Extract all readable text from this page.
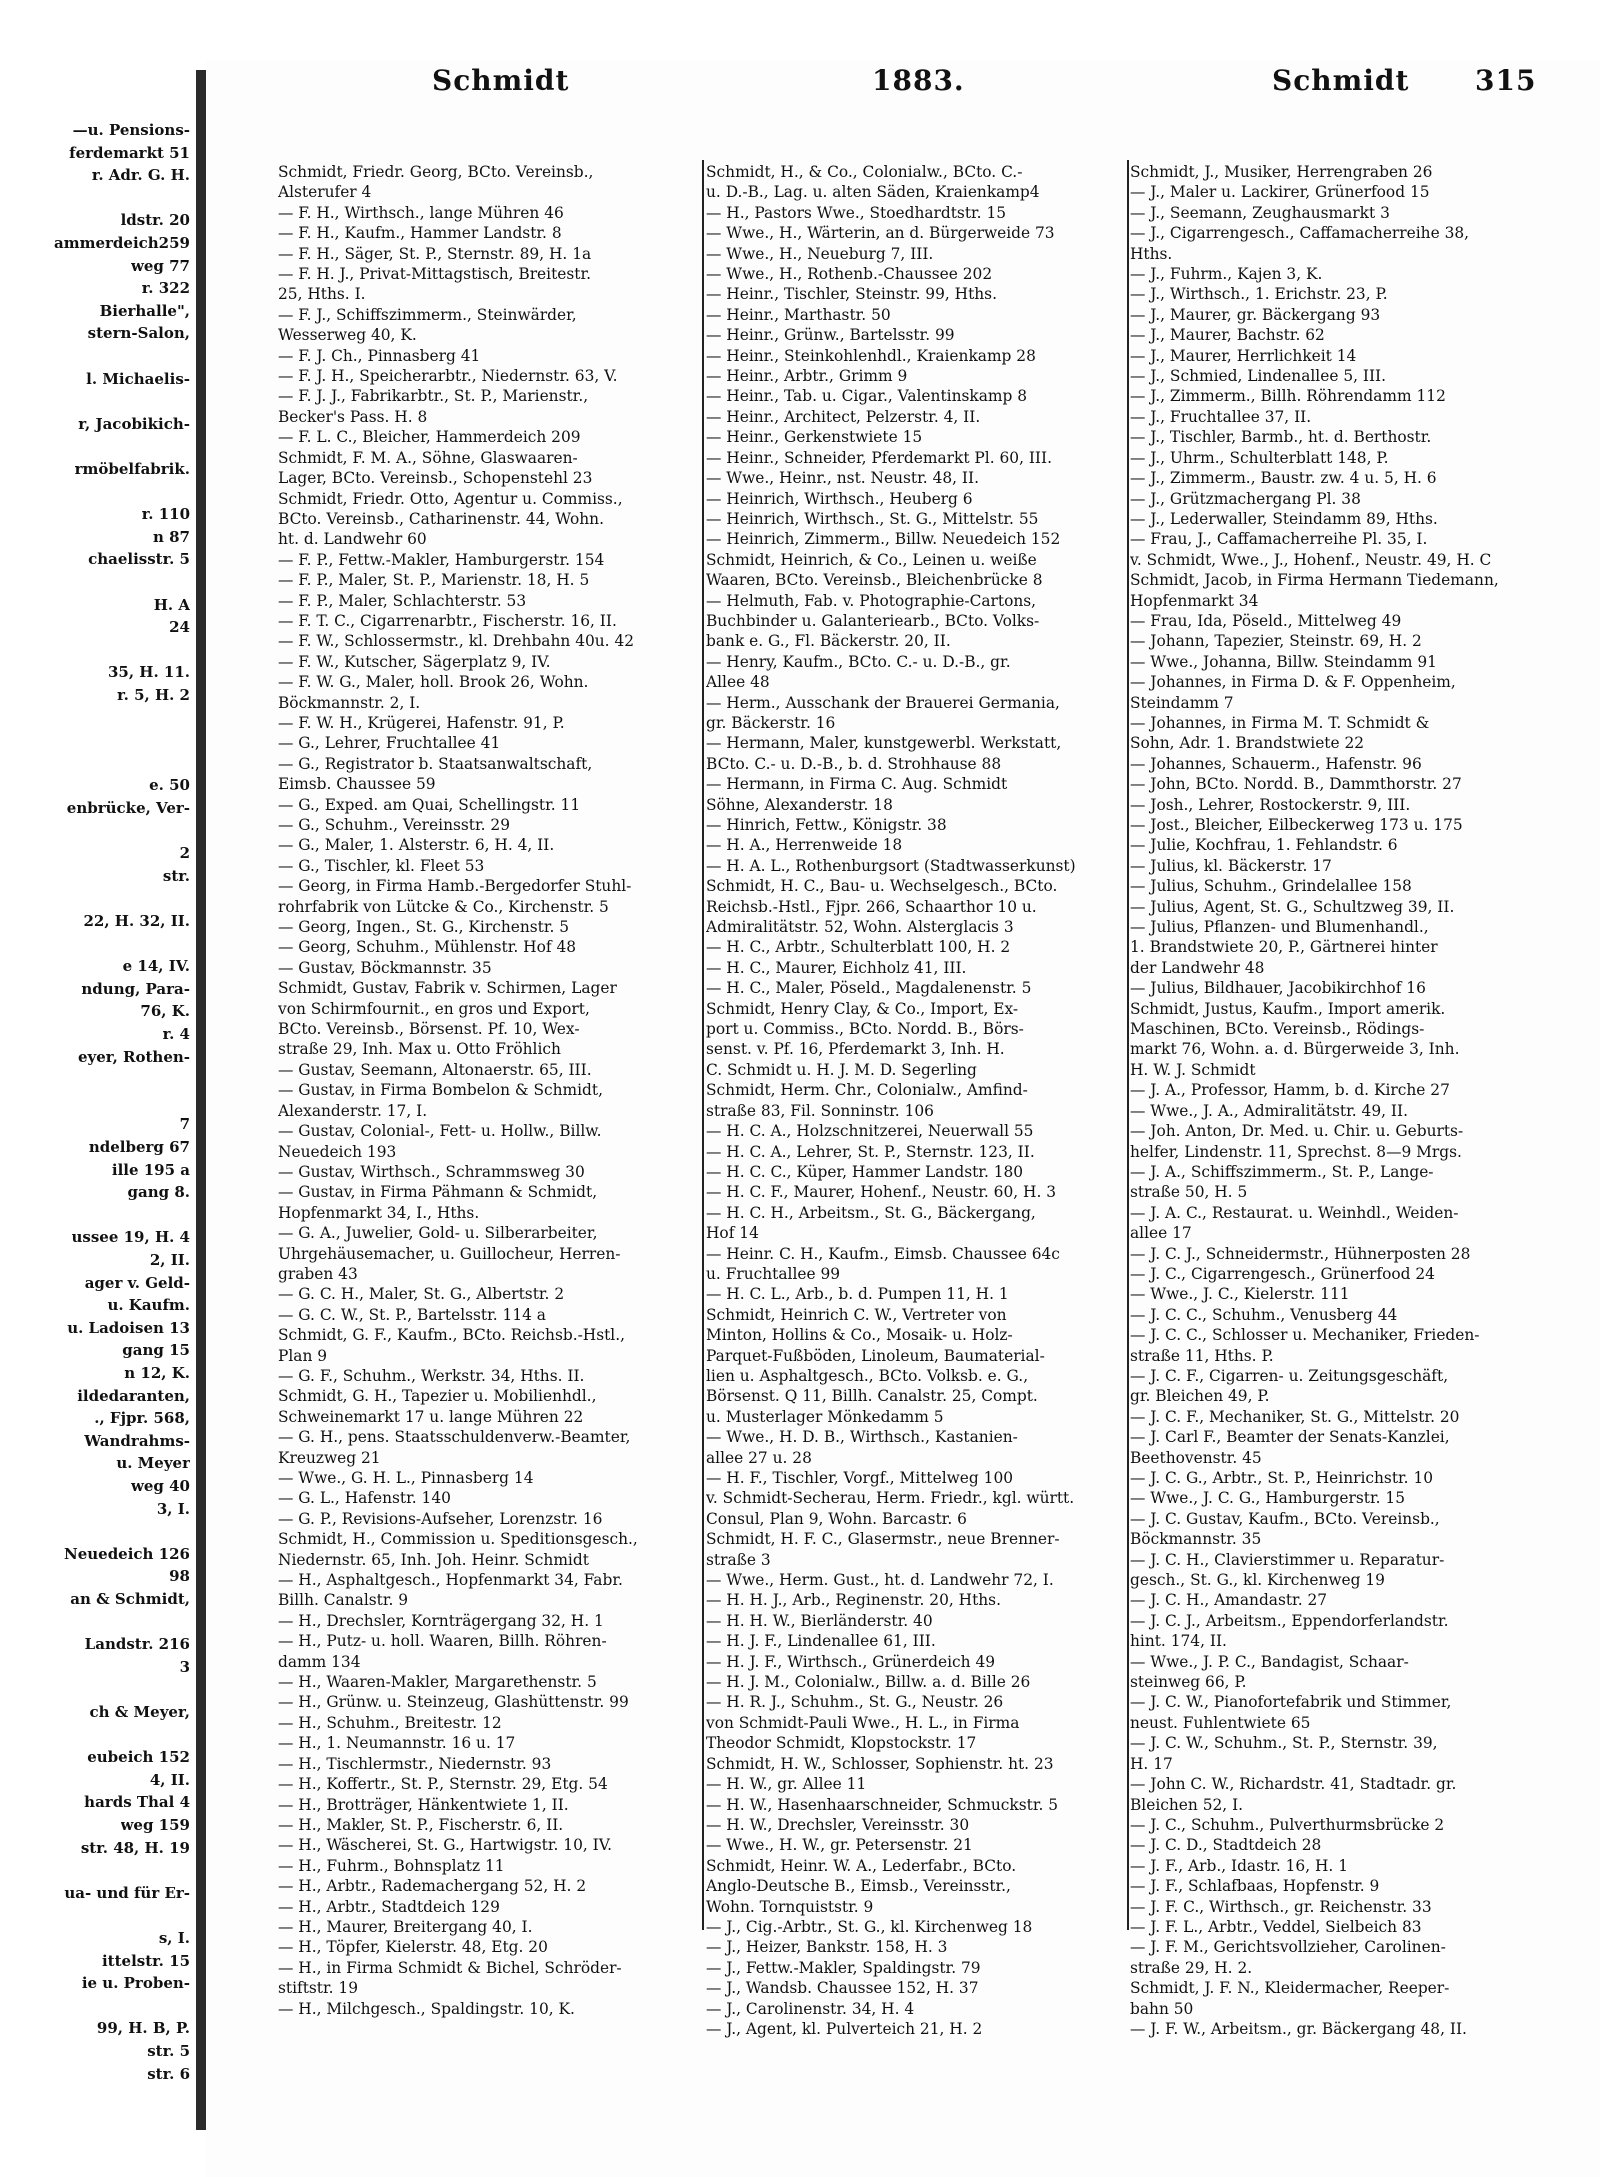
—u. Pensions-
ferdemarkt 51
r. Adr. G. H.
ldstr. 20
ammerdeich259
weg 77
r. 322
Bierhalle",
stern-Salon,
l. Michaelis-
r, Jacobikich-
rmöbelfabrik.
r. 110
n 87
chaelisstr. 5
H. A
24
35, H. 11.
r. 5, H. 2
e. 50
enbrücke, Ver-
2
str.
22, H. 32, II.
e 14, IV.
ndung, Para-
76, K.
r. 4
eyer, Rothen-
7
ndelberg 67
ille 195 a
gang 8.
ussee 19, H. 4
2, II.
ager v. Geld-
u. Kaufm.
u. Ladoisen 13
gang 15
n 12, K.
ildedaranten,
., Fjpr. 568,
Wandrahms-
u. Meyer
weg 40
3, I.
Neuedeich 126
98
an & Schmidt,
Landstr. 216
3
ch & Meyer,
eubeich 152
4, II.
hards Thal 4
weg 159
str. 48, H. 19
ua- und für Er-
s, I.
ittelstr. 15
ie u. Proben-
99, H. B, P.
str. 5
str. 6
Schmidt	1883.	Schmidt 315
Schmidt, Friedr. Georg, BCto. Vereinsb.,
Alsterufer 4
— F. H., Wirthsch., lange Mühren 46
— F. H., Kaufm., Hammer Landstr. 8
— F. H., Säger, St. P., Sternstr. 89, H. 1a
— F. H. J., Privat-Mittagstisch, Breitestr.
25, Hths. I.
— F. J., Schiffszimmerm., Steinwärder,
Wesserweg 40, K.
— F. J. Ch., Pinnasberg 41
— F. J. H., Speicherarbtr., Niedernstr. 63, V.
— F. J. J., Fabrikarbtr., St. P., Marienstr.,
Becker's Pass. H. 8
— F. L. C., Bleicher, Hammerdeich 209
Schmidt, F. M. A., Söhne, Glaswaaren-
Lager, BCto. Vereinsb., Schopenstehl 23
Schmidt, Friedr. Otto, Agentur u. Commiss.,
BCto. Vereinsb., Catharinenstr. 44, Wohn.
ht. d. Landwehr 60
— F. P., Fettw.-Makler, Hamburgerstr. 154
— F. P., Maler, St. P., Marienstr. 18, H. 5
— F. P., Maler, Schlachterstr. 53
— F. T. C., Cigarrenarbtr., Fischerstr. 16, II.
— F. W., Schlossermstr., kl. Drehbahn 40u. 42
— F. W., Kutscher, Sägerplatz 9, IV.
— F. W. G., Maler, holl. Brook 26, Wohn.
Böckmannstr. 2, I.
— F. W. H., Krügerei, Hafenstr. 91, P.
— G., Lehrer, Fruchtallee 41
— G., Registrator b. Staatsanwaltschaft,
Eimsb. Chaussee 59
— G., Exped. am Quai, Schellingstr. 11
— G., Schuhm., Vereinsstr. 29
— G., Maler, 1. Alsterstr. 6, H. 4, II.
— G., Tischler, kl. Fleet 53
— Georg, in Firma Hamb.-Bergedorfer Stuhl-
rohrfabrik von Lütcke & Co., Kirchenstr. 5
— Georg, Ingen., St. G., Kirchenstr. 5
— Georg, Schuhm., Mühlenstr. Hof 48
— Gustav, Böckmannstr. 35
Schmidt, Gustav, Fabrik v. Schirmen, Lager
von Schirmfournit., en gros und Export,
BCto. Vereinsb., Börsenst. Pf. 10, Wex-
straße 29, Inh. Max u. Otto Fröhlich
— Gustav, Seemann, Altonaerstr. 65, III.
— Gustav, in Firma Bombelon & Schmidt,
Alexanderstr. 17, I.
— Gustav, Colonial-, Fett- u. Hollw., Billw.
Neuedeich 193
— Gustav, Wirthsch., Schrammsweg 30
— Gustav, in Firma Pähmann & Schmidt,
Hopfenmarkt 34, I., Hths.
— G. A., Juwelier, Gold- u. Silberarbeiter,
Uhrgehäusemacher, u. Guillocheur, Herren-
graben 43
— G. C. H., Maler, St. G., Albertstr. 2
— G. C. W., St. P., Bartelsstr. 114 a
Schmidt, G. F., Kaufm., BCto. Reichsb.-Hstl.,
Plan 9
— G. F., Schuhm., Werkstr. 34, Hths. II.
Schmidt, G. H., Tapezier u. Mobilienhdl.,
Schweinemarkt 17 u. lange Mühren 22
— G. H., pens. Staatsschuldenverw.-Beamter,
Kreuzweg 21
— Wwe., G. H. L., Pinnasberg 14
— G. L., Hafenstr. 140
— G. P., Revisions-Aufseher, Lorenzstr. 16
Schmidt, H., Commission u. Speditionsgesch.,
Niedernstr. 65, Inh. Joh. Heinr. Schmidt
— H., Asphaltgesch., Hopfenmarkt 34, Fabr.
Billh. Canalstr. 9
— H., Drechsler, Kornträgergang 32, H. 1
— H., Putz- u. holl. Waaren, Billh. Röhren-
damm 134
— H., Waaren-Makler, Margarethenstr. 5
— H., Grünw. u. Steinzeug, Glashüttenstr. 99
— H., Schuhm., Breitestr. 12
— H., 1. Neumannstr. 16 u. 17
— H., Tischlermstr., Niedernstr. 93
— H., Koffertr., St. P., Sternstr. 29, Etg. 54
— H., Brotträger, Hänkentwiete 1, II.
— H., Makler, St. P., Fischerstr. 6, II.
— H., Wäscherei, St. G., Hartwigstr. 10, IV.
— H., Fuhrm., Bohnsplatz 11
— H., Arbtr., Rademachergang 52, H. 2
— H., Arbtr., Stadtdeich 129
— H., Maurer, Breitergang 40, I.
— H., Töpfer, Kielerstr. 48, Etg. 20
— H., in Firma Schmidt & Bichel, Schröder-
stiftstr. 19
— H., Milchgesch., Spaldingstr. 10, K.
Schmidt, H., & Co., Colonialw., BCto. C.-
u. D.-B., Lag. u. alten Säden, Kraienkamp4
— H., Pastors Wwe., Stoedhardtstr. 15
— Wwe., H., Wärterin, an d. Bürgerweide 73
— Wwe., H., Neueburg 7, III.
— Wwe., H., Rothenb.-Chaussee 202
— Heinr., Tischler, Steinstr. 99, Hths.
— Heinr., Marthastr. 50
— Heinr., Grünw., Bartelsstr. 99
— Heinr., Steinkohlenhdl., Kraienkamp 28
— Heinr., Arbtr., Grimm 9
— Heinr., Tab. u. Cigar., Valentinskamp 8
— Heinr., Architect, Pelzerstr. 4, II.
— Heinr., Gerkenstwiete 15
— Heinr., Schneider, Pferdemarkt Pl. 60, III.
— Wwe., Heinr., nst. Neustr. 48, II.
— Heinrich, Wirthsch., Heuberg 6
— Heinrich, Wirthsch., St. G., Mittelstr. 55
— Heinrich, Zimmerm., Billw. Neuedeich 152
Schmidt, Heinrich, & Co., Leinen u. weiße
Waaren, BCto. Vereinsb., Bleichenbrücke 8
— Helmuth, Fab. v. Photographie-Cartons,
Buchbinder u. Galanteriearb., BCto. Volks-
bank e. G., Fl. Bäckerstr. 20, II.
— Henry, Kaufm., BCto. C.- u. D.-B., gr.
Allee 48
— Herm., Ausschank der Brauerei Germania,
gr. Bäckerstr. 16
— Hermann, Maler, kunstgewerbl. Werkstatt,
BCto. C.- u. D.-B., b. d. Strohhause 88
— Hermann, in Firma C. Aug. Schmidt
Söhne, Alexanderstr. 18
— Hinrich, Fettw., Königstr. 38
— H. A., Herrenweide 18
— H. A. L., Rothenburgsort (Stadtwasserkunst)
Schmidt, H. C., Bau- u. Wechselgesch., BCto.
Reichsb.-Hstl., Fjpr. 266, Schaarthor 10 u.
Admiralitätstr. 52, Wohn. Alsterglacis 3
— H. C., Arbtr., Schulterblatt 100, H. 2
— H. C., Maurer, Eichholz 41, III.
— H. C., Maler, Pöseld., Magdalenenstr. 5
Schmidt, Henry Clay, & Co., Import, Ex-
port u. Commiss., BCto. Nordd. B., Börs-
senst. v. Pf. 16, Pferdemarkt 3, Inh. H.
C. Schmidt u. H. J. M. D. Segerling
Schmidt, Herm. Chr., Colonialw., Amfind-
straße 83, Fil. Sonninstr. 106
— H. C. A., Holzschnitzerei, Neuerwall 55
— H. C. A., Lehrer, St. P., Sternstr. 123, II.
— H. C. C., Küper, Hammer Landstr. 180
— H. C. F., Maurer, Hohenf., Neustr. 60, H. 3
— H. C. H., Arbeitsm., St. G., Bäckergang,
Hof 14
— Heinr. C. H., Kaufm., Eimsb. Chaussee 64c
u. Fruchtallee 99
— H. C. L., Arb., b. d. Pumpen 11, H. 1
Schmidt, Heinrich C. W., Vertreter von
Minton, Hollins & Co., Mosaik- u. Holz-
Parquet-Fußböden, Linoleum, Baumaterial-
lien u. Asphaltgesch., BCto. Volksb. e. G.,
Börsenst. Q 11, Billh. Canalstr. 25, Compt.
u. Musterlager Mönkedamm 5
— Wwe., H. D. B., Wirthsch., Kastanien-
allee 27 u. 28
— H. F., Tischler, Vorgf., Mittelweg 100
v. Schmidt-Secherau, Herm. Friedr., kgl. württ.
Consul, Plan 9, Wohn. Barcastr. 6
Schmidt, H. F. C., Glasermstr., neue Brenner-
straße 3
— Wwe., Herm. Gust., ht. d. Landwehr 72, I.
— H. H. J., Arb., Reginenstr. 20, Hths.
— H. H. W., Bierländerstr. 40
— H. J. F., Lindenallee 61, III.
— H. J. F., Wirthsch., Grünerdeich 49
— H. J. M., Colonialw., Billw. a. d. Bille 26
— H. R. J., Schuhm., St. G., Neustr. 26
von Schmidt-Pauli Wwe., H. L., in Firma
Theodor Schmidt, Klopstockstr. 17
Schmidt, H. W., Schlosser, Sophienstr. ht. 23
— H. W., gr. Allee 11
— H. W., Hasenhaarschneider, Schmuckstr. 5
— H. W., Drechsler, Vereinsstr. 30
— Wwe., H. W., gr. Petersenstr. 21
Schmidt, Heinr. W. A., Lederfabr., BCto.
Anglo-Deutsche B., Eimsb., Vereinsstr.,
Wohn. Tornquiststr. 9
— J., Cig.-Arbtr., St. G., kl. Kirchenweg 18
— J., Heizer, Bankstr. 158, H. 3
— J., Fettw.-Makler, Spaldingstr. 79
— J., Wandsb. Chaussee 152, H. 37
— J., Carolinenstr. 34, H. 4
— J., Agent, kl. Pulverteich 21, H. 2
Schmidt, J., Musiker, Herrengraben 26
— J., Maler u. Lackirer, Grünerfood 15
— J., Seemann, Zeughausmarkt 3
— J., Cigarrengesch., Caffamacherreihe 38,
Hths.
— J., Fuhrm., Kajen 3, K.
— J., Wirthsch., 1. Erichstr. 23, P.
— J., Maurer, gr. Bäckergang 93
— J., Maurer, Bachstr. 62
— J., Maurer, Herrlichkeit 14
— J., Schmied, Lindenallee 5, III.
— J., Zimmerm., Billh. Röhrendamm 112
— J., Fruchtallee 37, II.
— J., Tischler, Barmb., ht. d. Berthostr.
— J., Uhrm., Schulterblatt 148, P.
— J., Zimmerm., Baustr. zw. 4 u. 5, H. 6
— J., Grützmachergang Pl. 38
— J., Lederwaller, Steindamm 89, Hths.
— Frau, J., Caffamacherreihe Pl. 35, I.
v. Schmidt, Wwe., J., Hohenf., Neustr. 49, H. C
Schmidt, Jacob, in Firma Hermann Tiedemann,
Hopfenmarkt 34
— Frau, Ida, Pöseld., Mittelweg 49
— Johann, Tapezier, Steinstr. 69, H. 2
— Wwe., Johanna, Billw. Steindamm 91
— Johannes, in Firma D. & F. Oppenheim,
Steindamm 7
— Johannes, in Firma M. T. Schmidt &
Sohn, Adr. 1. Brandstwiete 22
— Johannes, Schauerm., Hafenstr. 96
— John, BCto. Nordd. B., Dammthorstr. 27
— Josh., Lehrer, Rostockerstr. 9, III.
— Jost., Bleicher, Eilbeckerweg 173 u. 175
— Julie, Kochfrau, 1. Fehlandstr. 6
— Julius, kl. Bäckerstr. 17
— Julius, Schuhm., Grindelallee 158
— Julius, Agent, St. G., Schultzweg 39, II.
— Julius, Pflanzen- und Blumenhandl.,
1. Brandstwiete 20, P., Gärtnerei hinter
der Landwehr 48
— Julius, Bildhauer, Jacobikirchhof 16
Schmidt, Justus, Kaufm., Import amerik.
Maschinen, BCto. Vereinsb., Rödings-
markt 76, Wohn. a. d. Bürgerweide 3, Inh.
H. W. J. Schmidt
— J. A., Professor, Hamm, b. d. Kirche 27
— Wwe., J. A., Admiralitätstr. 49, II.
— Joh. Anton, Dr. Med. u. Chir. u. Geburts-
helfer, Lindenstr. 11, Sprechst. 8—9 Mrgs.
— J. A., Schiffszimmerm., St. P., Lange-
straße 50, H. 5
— J. A. C., Restaurat. u. Weinhdl., Weiden-
allee 17
— J. C. J., Schneidermstr., Hühnerposten 28
— J. C., Cigarrengesch., Grünerfood 24
— Wwe., J. C., Kielerstr. 111
— J. C. C., Schuhm., Venusberg 44
— J. C. C., Schlosser u. Mechaniker, Frieden-
straße 11, Hths. P.
— J. C. F., Cigarren- u. Zeitungsgeschäft,
gr. Bleichen 49, P.
— J. C. F., Mechaniker, St. G., Mittelstr. 20
— J. Carl F., Beamter der Senats-Kanzlei,
Beethovenstr. 45
— J. C. G., Arbtr., St. P., Heinrichstr. 10
— Wwe., J. C. G., Hamburgerstr. 15
— J. C. Gustav, Kaufm., BCto. Vereinsb.,
Böckmannstr. 35
— J. C. H., Clavierstimmer u. Reparatur-
gesch., St. G., kl. Kirchenweg 19
— J. C. H., Amandastr. 27
— J. C. J., Arbeitsm., Eppendorferlandstr.
hint. 174, II.
— Wwe., J. P. C., Bandagist, Schaar-
steinweg 66, P.
— J. C. W., Pianofortefabrik und Stimmer,
neust. Fuhlentwiete 65
— J. C. W., Schuhm., St. P., Sternstr. 39,
H. 17
— John C. W., Richardstr. 41, Stadtadr. gr.
Bleichen 52, I.
— J. C., Schuhm., Pulverthurmsbrücke 2
— J. C. D., Stadtdeich 28
— J. F., Arb., Idastr. 16, H. 1
— J. F., Schlafbaas, Hopfenstr. 9
— J. F. C., Wirthsch., gr. Reichenstr. 33
— J. F. L., Arbtr., Veddel, Sielbeich 83
— J. F. M., Gerichtsvollzieher, Carolinen-
straße 29, H. 2.
Schmidt, J. F. N., Kleidermacher, Reeper-
bahn 50
— J. F. W., Arbeitsm., gr. Bäckergang 48, II.
